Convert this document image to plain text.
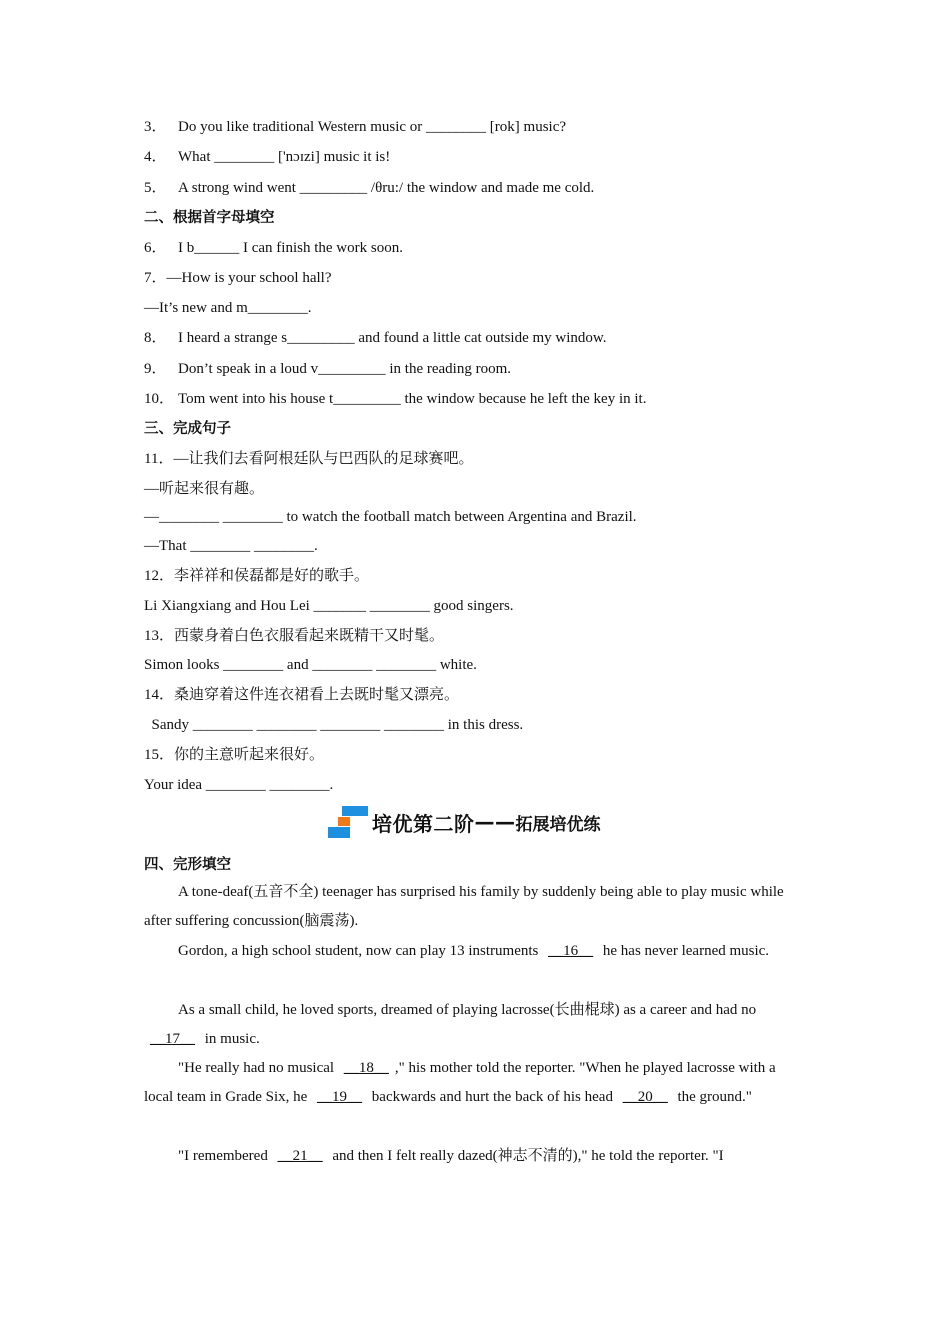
3． Do you like traditional Western music or ________ [rok] music?
4． What ________ ['nɔɪzi] music it is!
5． A strong wind went _________ /θru:/ the window and made me cold.
二、根据首字母填空
6． I b______ I can finish the work soon.
7．—How is your school hall?
—It’s new and m________.
8． I heard a strange s_________ and found a little cat outside my window.
9． Don’t speak in a loud v_________ in the reading room.
10． Tom went into his house t_________ the window because he left the key in it.
三、完成句子
11．—让我们去看阿根廷队与巴西队的足球赛吧。
—听起来很有趣。
—________ ________ to watch the football match between Argentina and Brazil.
—That ________ ________.
12．李祥祥和侯磊都是好的歌手。
Li Xiangxiang and Hou Lei _______ ________ good singers.
13．西蒙身着白色衣服看起来既精干又时髦。
Simon looks ________ and ________ ________ white.
14．桑迪穿着这件连衣裙看上去既时髦又漂亮。
Sandy ________ ________ ________ ________ in this dress.
15．你的主意听起来很好。
Your idea ________ ________.
培优第二阶 —— 拓展培优练
四、完形填空
A tone-deaf(五音不全) teenager has surprised his family by suddenly being able to play music while after suffering concussion(脑震荡).
Gordon, a high school student, now can play 13 instruments __16__ he has never learned music.
As a small child, he loved sports, dreamed of playing lacrosse(长曲棍球) as a career and had no __17__ in music.
"He really had no musical __18__ ," his mother told the reporter. "When he played lacrosse with a local team in Grade Six, he __19__ backwards and hurt the back of his head __20__ the ground."
"I remembered __21__ and then I felt really dazed(神志不清的)," he told the reporter. "I
